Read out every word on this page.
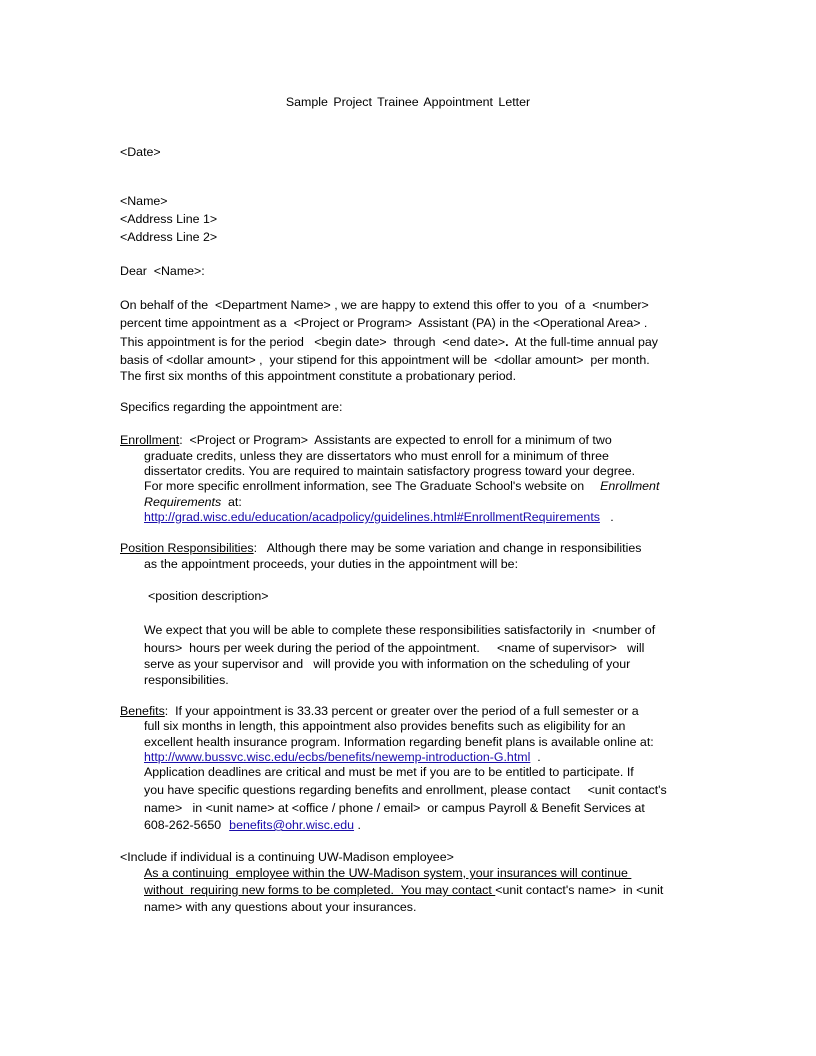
Sample Project Trainee Appointment Letter
<Date>
<Name>
<Address Line 1>
<Address Line 2>
Dear  <Name>:
On behalf of the  <Department Name> , we are happy to extend this offer to you  of a  <number>
percent time appointment as a  <Project or Program>  Assistant (PA) in the <Operational Area> .
This appointment is for the period   <begin date>  through  <end date>.  At the full-time annual pay
basis of <dollar amount> ,  your stipend for this appointment will be  <dollar amount>  per month.
The first six months of this appointment constitute a probationary period.
Specifics regarding the appointment are:
Enrollment:  <Project or Program>  Assistants are expected to enroll for a minimum of two
graduate credits, unless they are dissertators who must enroll for a minimum of three
dissertator credits. You are required to maintain satisfactory progress toward your degree.
For more specific enrollment information, see The Graduate School's website on Enrollment
Requirements  at:
http://grad.wisc.edu/education/acadpolicy/guidelines.html#EnrollmentRequirements   .
Position Responsibilities:   Although there may be some variation and change in responsibilities
as the appointment proceeds, your duties in the appointment will be:
<position description>
We expect that you will be able to complete these responsibilities satisfactorily in  <number of
hours>  hours per week during the period of the appointment.     <name of supervisor>   will
serve as your supervisor and   will provide you with information on the scheduling of your
responsibilities.
Benefits:  If your appointment is 33.33 percent or greater over the period of a full semester or a
full six months in length, this appointment also provides benefits such as eligibility for an
excellent health insurance program. Information regarding benefit plans is available online at:
http://www.bussvc.wisc.edu/ecbs/benefits/newemp-introduction-G.html  .
Application deadlines are critical and must be met if you are to be entitled to participate. If
you have specific questions regarding benefits and enrollment, please contact     <unit contact's
name>   in <unit name> at <office / phone / email>  or campus Payroll & Benefit Services at
608-262-5650 benefits@ohr.wisc.edu .
<Include if individual is a continuing UW-Madison employee>
As a continuing  employee within the UW-Madison system, your insurances will continue
without  requiring new forms to be completed.  You may contact <unit contact's name>  in <unit
name> with any questions about your insurances.
